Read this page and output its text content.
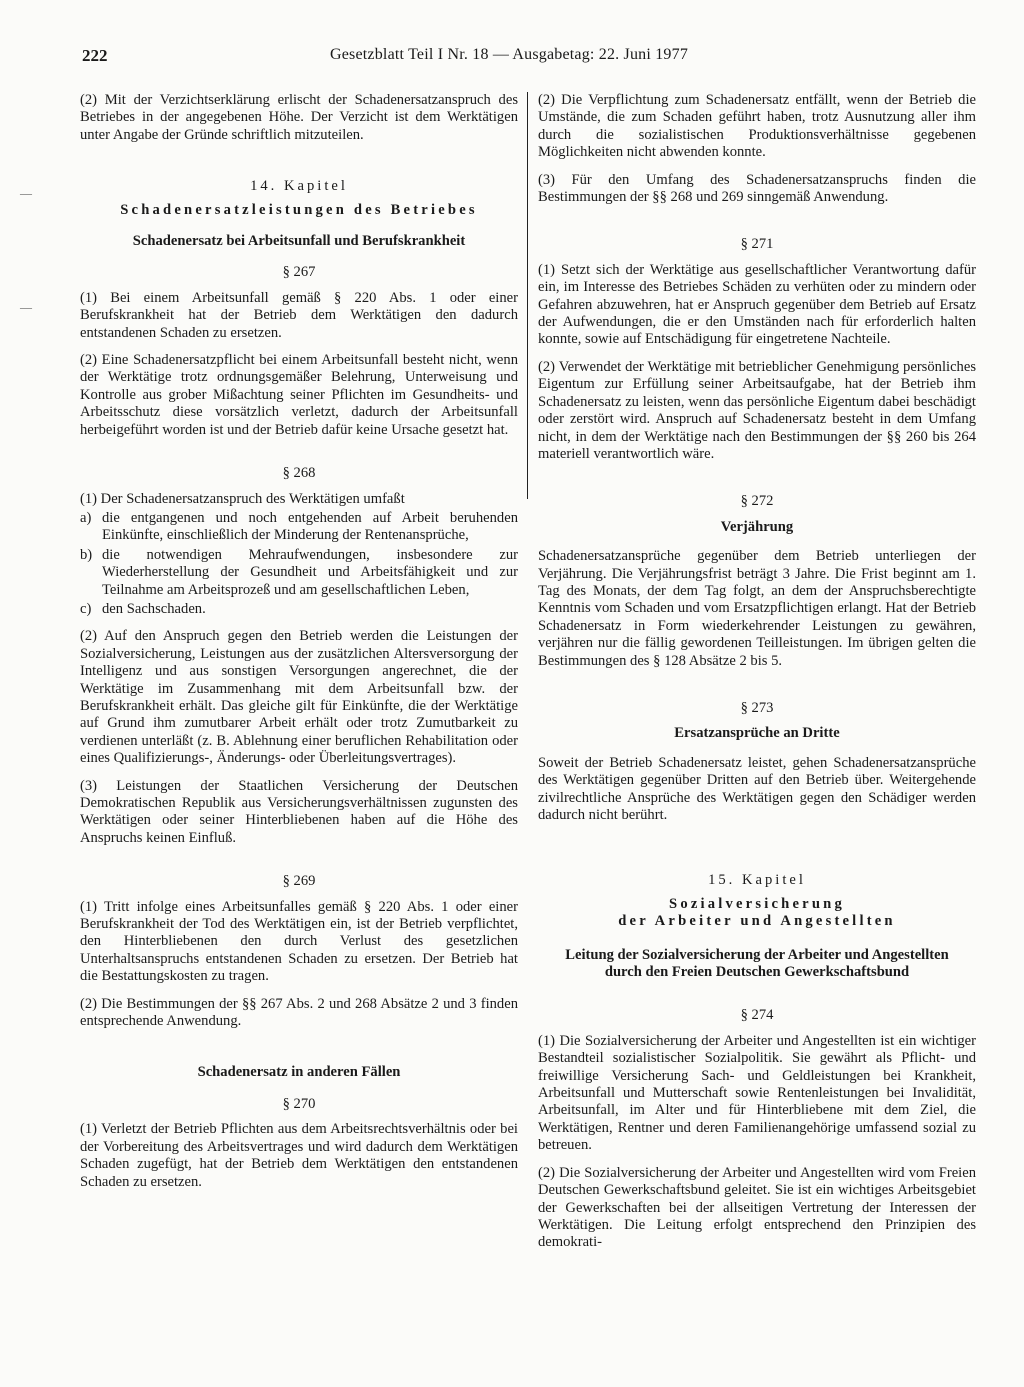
222	Gesetzblatt Teil I Nr. 18 — Ausgabetag: 22. Juni 1977
—
—

(2) Mit der Verzichtserklärung erlischt der Schadenersatzanspruch des Betriebes in der angegebenen Höhe. Der Verzicht ist dem Werktätigen unter Angabe der Gründe schriftlich mitzuteilen.

14. Kapitel

Schadenersatzleistungen des Betriebes

Schadenersatz bei Arbeitsunfall und Berufskrankheit

§ 267

(1) Bei einem Arbeitsunfall gemäß § 220 Abs. 1 oder einer Berufskrankheit hat der Betrieb dem Werktätigen den dadurch entstandenen Schaden zu ersetzen.

(2) Eine Schadenersatzpflicht bei einem Arbeitsunfall besteht nicht, wenn der Werktätige trotz ordnungsgemäßer Belehrung, Unterweisung und Kontrolle aus grober Mißachtung seiner Pflichten im Gesundheits- und Arbeitsschutz diese vorsätzlich verletzt, dadurch der Arbeitsunfall herbeigeführt worden ist und der Betrieb dafür keine Ursache gesetzt hat.

§ 268

(1) Der Schadenersatzanspruch des Werktätigen umfaßt

a) die entgangenen und noch entgehenden auf Arbeit beruhenden Einkünfte, einschließlich der Minderung der Rentenansprüche,
b) die notwendigen Mehraufwendungen, insbesondere zur Wiederherstellung der Gesundheit und Arbeitsfähigkeit und zur Teilnahme am Arbeitsprozeß und am gesellschaftlichen Leben,
c) den Sachschaden.

(2) Auf den Anspruch gegen den Betrieb werden die Leistungen der Sozialversicherung, Leistungen aus der zusätzlichen Altersversorgung der Intelligenz und aus sonstigen Versorgungen angerechnet, die der Werktätige im Zusammenhang mit dem Arbeitsunfall bzw. der Berufskrankheit erhält. Das gleiche gilt für Einkünfte, die der Werktätige auf Grund ihm zumutbarer Arbeit erhält oder trotz Zumutbarkeit zu verdienen unterläßt (z. B. Ablehnung einer beruflichen Rehabilitation oder eines Qualifizierungs-, Änderungs- oder Überleitungsvertrages).

(3) Leistungen der Staatlichen Versicherung der Deutschen Demokratischen Republik aus Versicherungsverhältnissen zugunsten des Werktätigen oder seiner Hinterbliebenen haben auf die Höhe des Anspruchs keinen Einfluß.

§ 269

(1) Tritt infolge eines Arbeitsunfalles gemäß § 220 Abs. 1 oder einer Berufskrankheit der Tod des Werktätigen ein, ist der Betrieb verpflichtet, den Hinterbliebenen den durch Verlust des gesetzlichen Unterhaltsanspruchs entstandenen Schaden zu ersetzen. Der Betrieb hat die Bestattungskosten zu tragen.

(2) Die Bestimmungen der §§ 267 Abs. 2 und 268 Absätze 2 und 3 finden entsprechende Anwendung.

Schadenersatz in anderen Fällen

§ 270

(1) Verletzt der Betrieb Pflichten aus dem Arbeitsrechtsverhältnis oder bei der Vorbereitung des Arbeitsvertrages und wird dadurch dem Werktätigen Schaden zugefügt, hat der Betrieb dem Werktätigen den entstandenen Schaden zu ersetzen.

(2) Die Verpflichtung zum Schadenersatz entfällt, wenn der Betrieb die Umstände, die zum Schaden geführt haben, trotz Ausnutzung aller ihm durch die sozialistischen Produktionsverhältnisse gegebenen Möglichkeiten nicht abwenden konnte.

(3) Für den Umfang des Schadenersatzanspruchs finden die Bestimmungen der §§ 268 und 269 sinngemäß Anwendung.

§ 271

(1) Setzt sich der Werktätige aus gesellschaftlicher Verantwortung dafür ein, im Interesse des Betriebes Schäden zu verhüten oder zu mindern oder Gefahren abzuwehren, hat er Anspruch gegenüber dem Betrieb auf Ersatz der Aufwendungen, die er den Umständen nach für erforderlich halten konnte, sowie auf Entschädigung für eingetretene Nachteile.

(2) Verwendet der Werktätige mit betrieblicher Genehmigung persönliches Eigentum zur Erfüllung seiner Arbeitsaufgabe, hat der Betrieb ihm Schadenersatz zu leisten, wenn das persönliche Eigentum dabei beschädigt oder zerstört wird. Anspruch auf Schadenersatz besteht in dem Umfang nicht, in dem der Werktätige nach den Bestimmungen der §§ 260 bis 264 materiell verantwortlich wäre.

§ 272

Verjährung

Schadenersatzansprüche gegenüber dem Betrieb unterliegen der Verjährung. Die Verjährungsfrist beträgt 3 Jahre. Die Frist beginnt am 1. Tag des Monats, der dem Tag folgt, an dem der Anspruchsberechtigte Kenntnis vom Schaden und vom Ersatzpflichtigen erlangt. Hat der Betrieb Schadenersatz in Form wiederkehrender Leistungen zu gewähren, verjähren nur die fällig gewordenen Teilleistungen. Im übrigen gelten die Bestimmungen des § 128 Absätze 2 bis 5.

§ 273

Ersatzansprüche an Dritte

Soweit der Betrieb Schadenersatz leistet, gehen Schadenersatzansprüche des Werktätigen gegenüber Dritten auf den Betrieb über. Weitergehende zivilrechtliche Ansprüche des Werktätigen gegen den Schädiger werden dadurch nicht berührt.

15. Kapitel

Sozialversicherung

der Arbeiter und Angestellten

Leitung der Sozialversicherung der Arbeiter und Angestellten

durch den Freien Deutschen Gewerkschaftsbund

§ 274

(1) Die Sozialversicherung der Arbeiter und Angestellten ist ein wichtiger Bestandteil sozialistischer Sozialpolitik. Sie gewährt als Pflicht- und freiwillige Versicherung Sach- und Geldleistungen bei Krankheit, Arbeitsunfall und Mutterschaft sowie Rentenleistungen bei Invalidität, Arbeitsunfall, im Alter und für Hinterbliebene mit dem Ziel, die Werktätigen, Rentner und deren Familienangehörige umfassend sozial zu betreuen.

(2) Die Sozialversicherung der Arbeiter und Angestellten wird vom Freien Deutschen Gewerkschaftsbund geleitet. Sie ist ein wichtiges Arbeitsgebiet der Gewerkschaften bei der allseitigen Vertretung der Interessen der Werktätigen. Die Leitung erfolgt entsprechend den Prinzipien des demokrati-
